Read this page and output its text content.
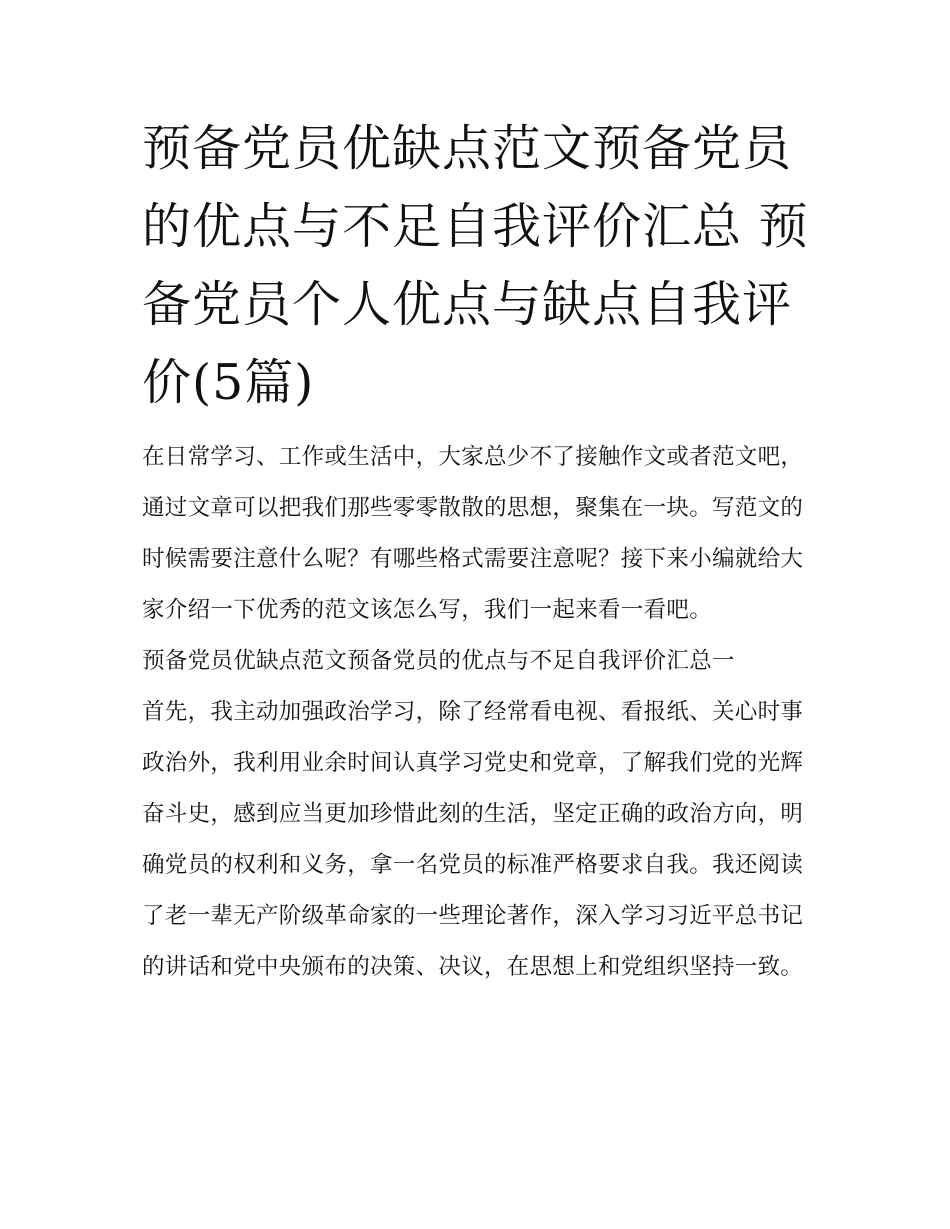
预备党员优缺点范文预备党员的优点与不足自我评价汇总 预备党员个人优点与缺点自我评价(5篇)

在日常学习、工作或生活中，大家总少不了接触作文或者范文吧，通过文章可以把我们那些零零散散的思想，聚集在一块。写范文的时候需要注意什么呢？有哪些格式需要注意呢？接下来小编就给大家介绍一下优秀的范文该怎么写，我们一起来看一看吧。

预备党员优缺点范文预备党员的优点与不足自我评价汇总一

首先，我主动加强政治学习，除了经常看电视、看报纸、关心时事政治外，我利用业余时间认真学习党史和党章，了解我们党的光辉奋斗史，感到应当更加珍惜此刻的生活，坚定正确的政治方向，明确党员的权利和义务，拿一名党员的标准严格要求自我。我还阅读了老一辈无产阶级革命家的一些理论著作，深入学习习近平总书记的讲话和党中央颁布的决策、决议，在思想上和党组织坚持一致。
